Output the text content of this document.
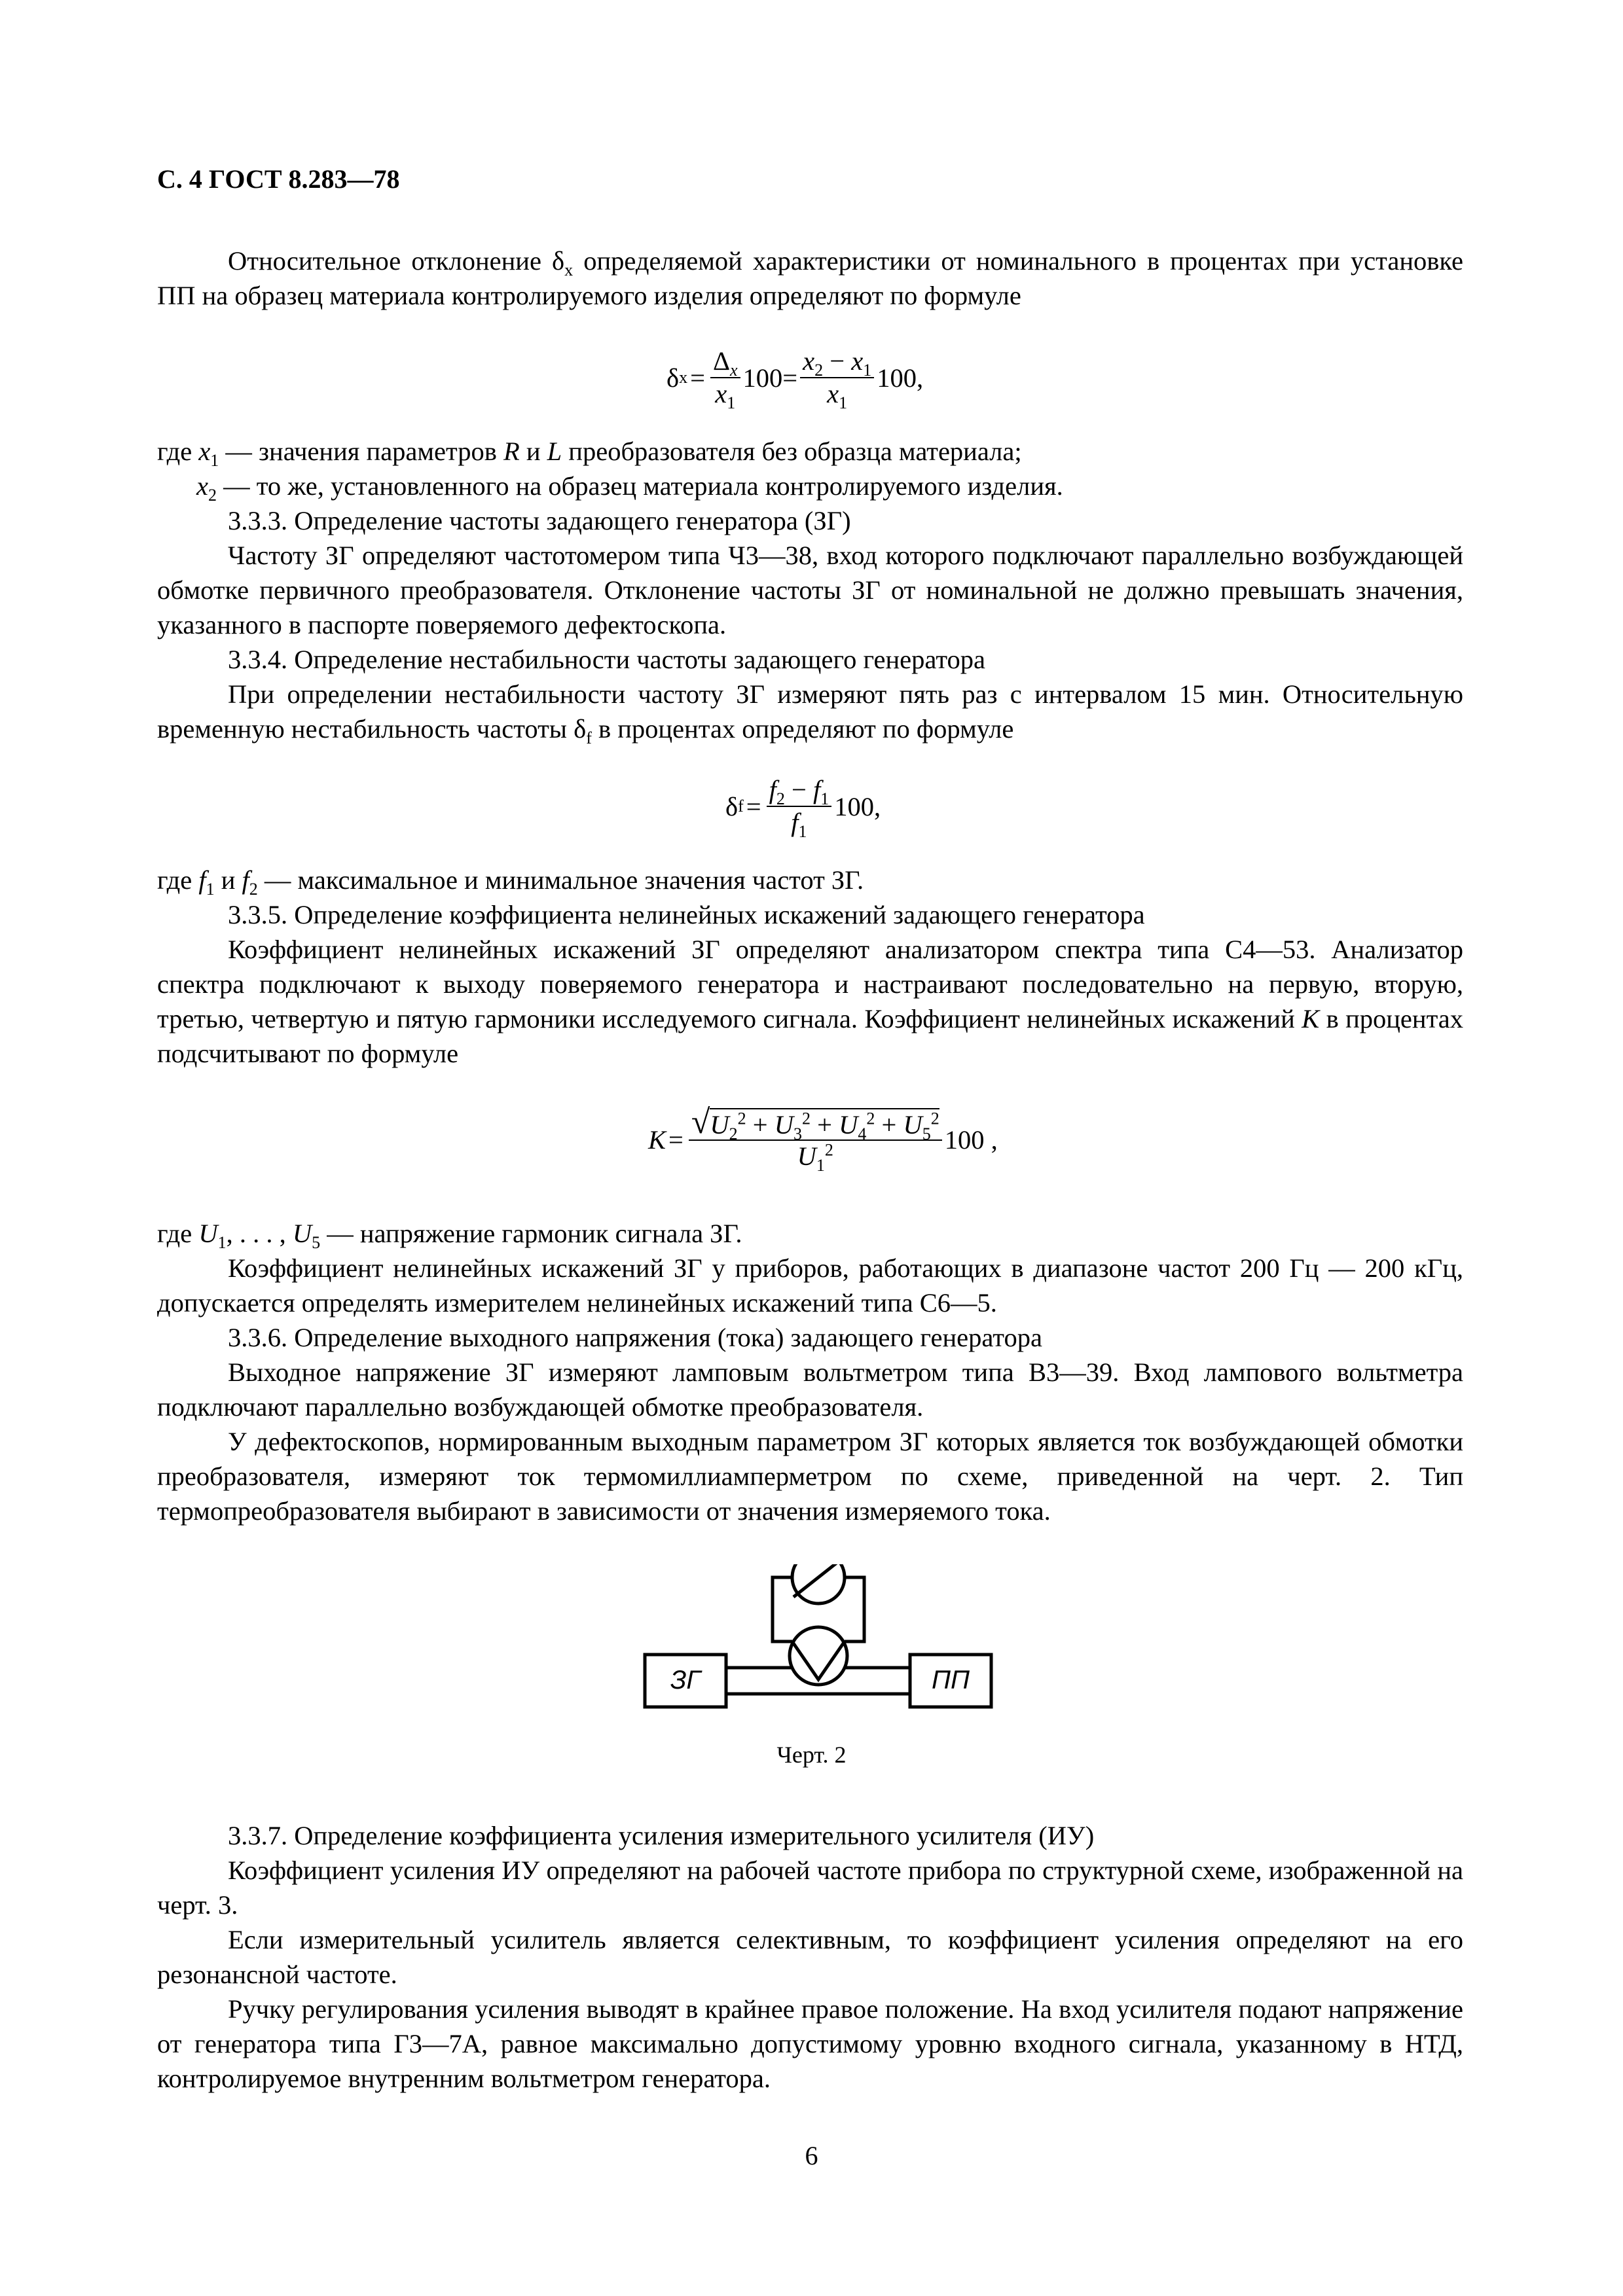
С. 4 ГОСТ 8.283—78

Относительное отклонение $\delta_x$ определяемой характеристики от номинального в процентах при установке ПП на образец материала контролируемого изделия определяют по формуле

δ $x = \frac{\Delta_x}{x_1} 100= \frac{x_2 - x_1}{x_1} 100$,

где $x_1$ — значения параметров R и L преобразователя без образца материала;

$x_2$ — то же, установленного на образец материала контролируемого изделия.

3.3.3. Определение частоты задающего генератора (ЗГ)

Частоту ЗГ определяют частотомером типа Ч3—38, вход которого подключают параллельно возбуждающей обмотке первичного преобразователя. Отклонение частоты ЗГ от номинальной не должно превышать значения, указанного в паспорте поверяемого дефектоскопа.

3.3.4. Определение нестабильности частоты задающего генератора

При определении нестабильности частоту ЗГ измеряют пять раз с интервалом 15 мин. Относительную временную нестабильность частоты $\delta_f$ в процентах определяют по формуле

δ $f = \frac{f_2 - f_1}{f_1} 100$,

где $f_1$ и $f_2$ — максимальное и минимальное значения частот ЗГ.

3.3.5. Определение коэффициента нелинейных искажений задающего генератора

Коэффициент нелинейных искажений ЗГ определяют анализатором спектра типа С4—53. Анализатор спектра подключают к выходу поверяемого генератора и настраивают последовательно на первую, вторую, третью, четвертую и пятую гармоники исследуемого сигнала. Коэффициент нелинейных искажений K в процентах подсчитывают по формуле

$K = \frac{√ U_2^2 + U_3^2 + U_4^2 + U_5^2}{U_1^2} 100$ ,

где $U_1$, . . . , $U_5$ — напряжение гармоник сигнала ЗГ.

Коэффициент нелинейных искажений ЗГ у приборов, работающих в диапазоне частот 200 Гц — 200 кГц, допускается определять измерителем нелинейных искажений типа С6—5.

3.3.6. Определение выходного напряжения (тока) задающего генератора

Выходное напряжение ЗГ измеряют ламповым вольтметром типа В3—39. Вход лампового вольтметра подключают параллельно возбуждающей обмотке преобразователя.

У дефектоскопов, нормированным выходным параметром ЗГ которых является ток возбуждающей обмотки преобразователя, измеряют ток термомиллиамперметром по схеме, приведенной на черт. 2. Тип термопреобразователя выбирают в зависимости от значения измеряемого тока.

ЗГ	ПП
Черт. 2

3.3.7. Определение коэффициента усиления измерительного усилителя (ИУ)

Коэффициент усиления ИУ определяют на рабочей частоте прибора по структурной схеме, изображенной на черт. 3.

Если измерительный усилитель является селективным, то коэффициент усиления определяют на его резонансной частоте.

Ручку регулирования усиления выводят в крайнее правое положение. На вход усилителя подают напряжение от генератора типа Г3—7А, равное максимально допустимому уровню входного сигнала, указанному в НТД, контролируемое внутренним вольтметром генератора.

6
